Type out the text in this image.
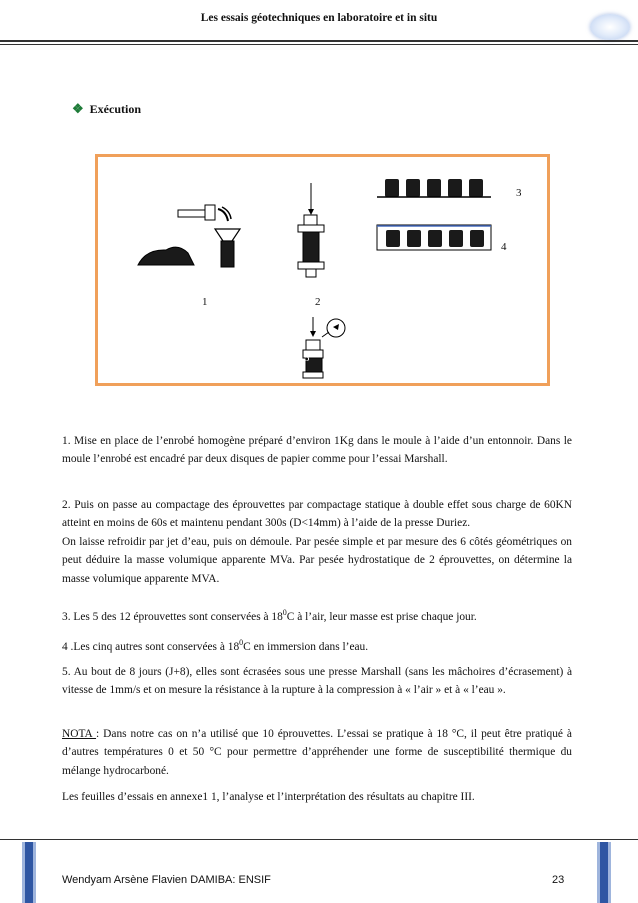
Les essais géotechniques en laboratoire et in situ
❖ Exécution
1	2
3
4
5

1. Mise en place de l’enrobé homogène préparé d’environ 1Kg dans le moule à l’aide d’un entonnoir. Dans le moule l’enrobé est encadré par deux disques de papier comme pour l’essai Marshall.

2. Puis on passe au compactage des éprouvettes par compactage statique à double effet sous charge de 60KN atteint en moins de 60s et maintenu pendant 300s (D<14mm) à l’aide de la presse Duriez.

On laisse refroidir par jet d’eau, puis on démoule. Par pesée simple et par mesure des 6 côtés géométriques on peut déduire la masse volumique apparente MVa. Par pesée hydrostatique de 2 éprouvettes, on détermine la masse volumique apparente MVA.

3. Les 5 des 12 éprouvettes sont conservées à $18^0C$ à l’air, leur masse est prise chaque jour.

4 .Les cinq autres sont conservées à $18^0C$ en immersion dans l’eau.

5. Au bout de 8 jours (J+8), elles sont écrasées sous une presse Marshall (sans les mâchoires d’écrasement) à vitesse de 1mm/s et on mesure la résistance à la rupture à la compression à « l’air » et à « l’eau ».

NOTA : Dans notre cas on n’a utilisé que 10 éprouvettes. L’essai se pratique à 18 °C, il peut être pratiqué à d’autres températures 0 et 50 °C pour permettre d’appréhender une forme de susceptibilité thermique du mélange hydrocarboné.

Les feuilles d’essais en annexe1 1, l’analyse et l’interprétation des résultats au chapitre III.

Wendyam Arsène Flavien DAMIBA: ENSIF	23
